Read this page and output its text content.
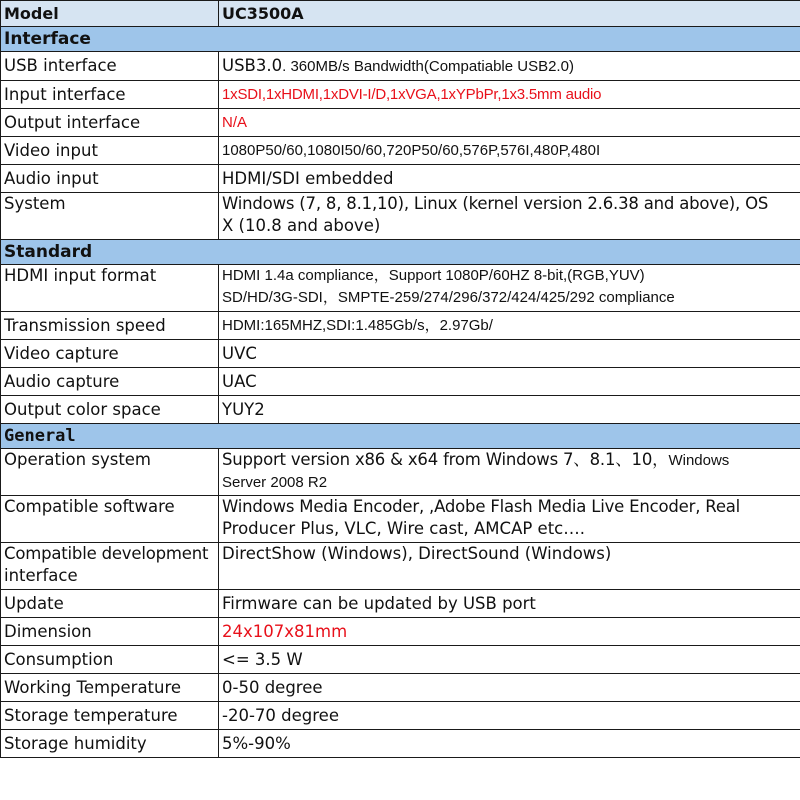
Model	UC3500A
Interface	
USB interface	USB3.0. 360MB/s Bandwidth(Compatiable USB2.0)
Input interface	1xSDI,1xHDMI,1xDVI-I/D,1xVGA,1xYPbPr,1x3.5mm audio
Output interface	N/A
Video input	1080P50/60,1080I50/60,720P50/60,576P,576I,480P,480I
Audio input	HDMI/SDI embedded
System	Windows (7, 8, 8.1,10), Linux (kernel version 2.6.38 and above), OS
X (10.8 and above)

Standard	
HDMI input format	HDMI 1.4a compliance，Support 1080P/60HZ 8-bit,(RGB,YUV)
SD/HD/3G-SDI，SMPTE-259/274/296/372/424/425/292 compliance

Transmission speed	HDMI:165MHZ,SDI:1.485Gb/s，2.97Gb/
Video capture	UVC
Audio capture	UAC
Output color space	YUY2
General	
Operation system	Support version x86 & x64 from Windows 7、8.1、10，Windows
Server 2008 R2

Compatible software	Windows Media Encoder, ,Adobe Flash Media Live Encoder, Real
Producer Plus, VLC, Wire cast, AMCAP etc….

Compatible development
interface	DirectShow (Windows), DirectSound (Windows)
Update	Firmware can be updated by USB port
Dimension	24x107x81mm
Consumption	<= 3.5 W
Working Temperature	0-50 degree
Storage temperature	-20-70 degree
Storage humidity	5%-90%
